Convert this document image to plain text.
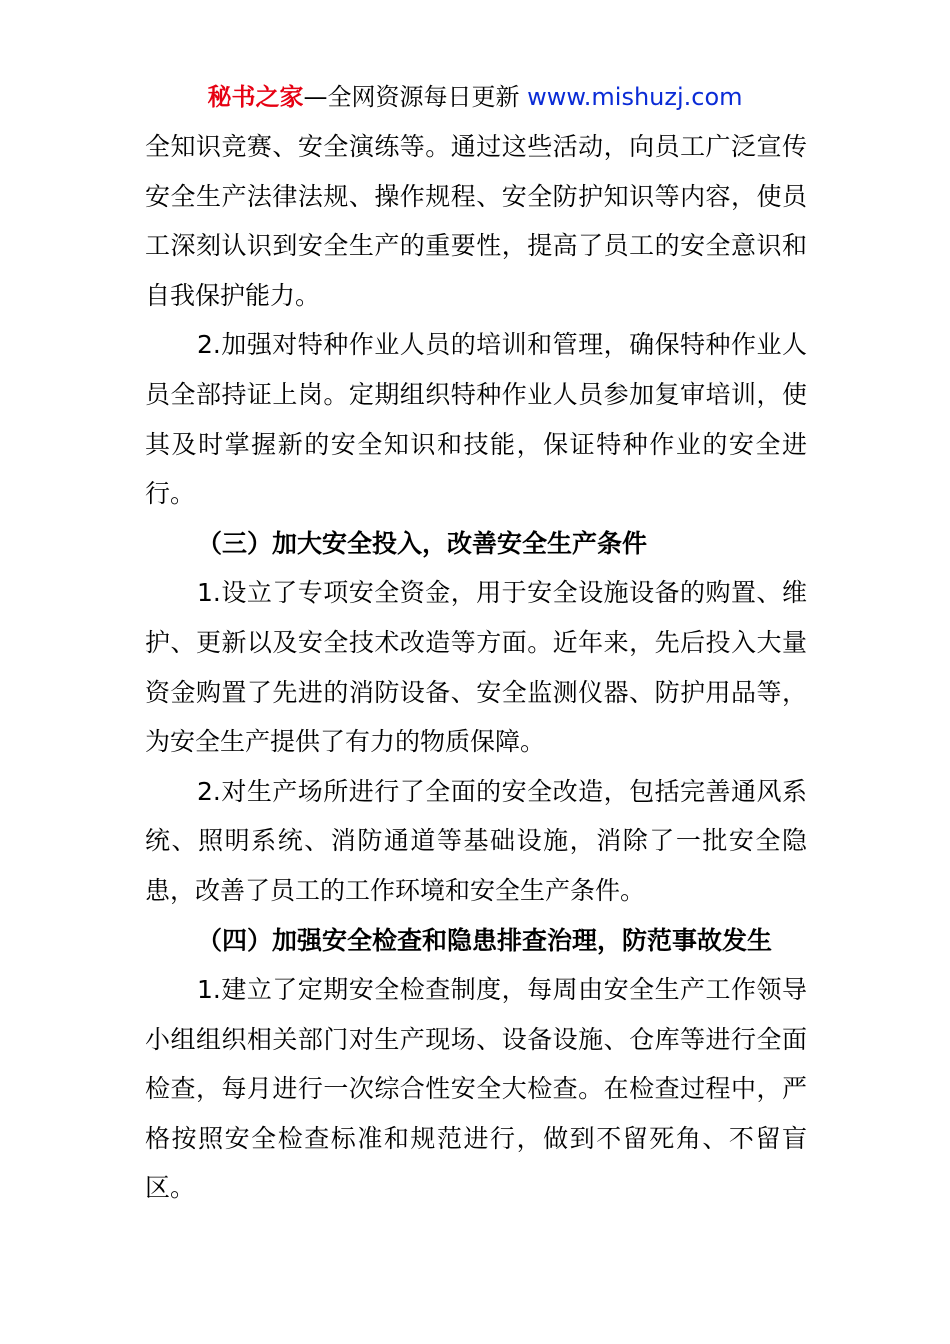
秘书之家—全网资源每日更新 www.mishuzj.com

全知识竞赛、安全演练等。通过这些活动，向员工广泛宣传安全生产法律法规、操作规程、安全防护知识等内容，使员工深刻认识到安全生产的重要性，提高了员工的安全意识和自我保护能力。

2.加强对特种作业人员的培训和管理，确保特种作业人员全部持证上岗。定期组织特种作业人员参加复审培训，使其及时掌握新的安全知识和技能，保证特种作业的安全进行。

（三）加大安全投入，改善安全生产条件

1.设立了专项安全资金，用于安全设施设备的购置、维护、更新以及安全技术改造等方面。近年来，先后投入大量资金购置了先进的消防设备、安全监测仪器、防护用品等，为安全生产提供了有力的物质保障。

2.对生产场所进行了全面的安全改造，包括完善通风系统、照明系统、消防通道等基础设施，消除了一批安全隐患，改善了员工的工作环境和安全生产条件。

（四）加强安全检查和隐患排查治理，防范事故发生

1.建立了定期安全检查制度，每周由安全生产工作领导小组组织相关部门对生产现场、设备设施、仓库等进行全面检查，每月进行一次综合性安全大检查。在检查过程中，严格按照安全检查标准和规范进行，做到不留死角、不留盲区。
